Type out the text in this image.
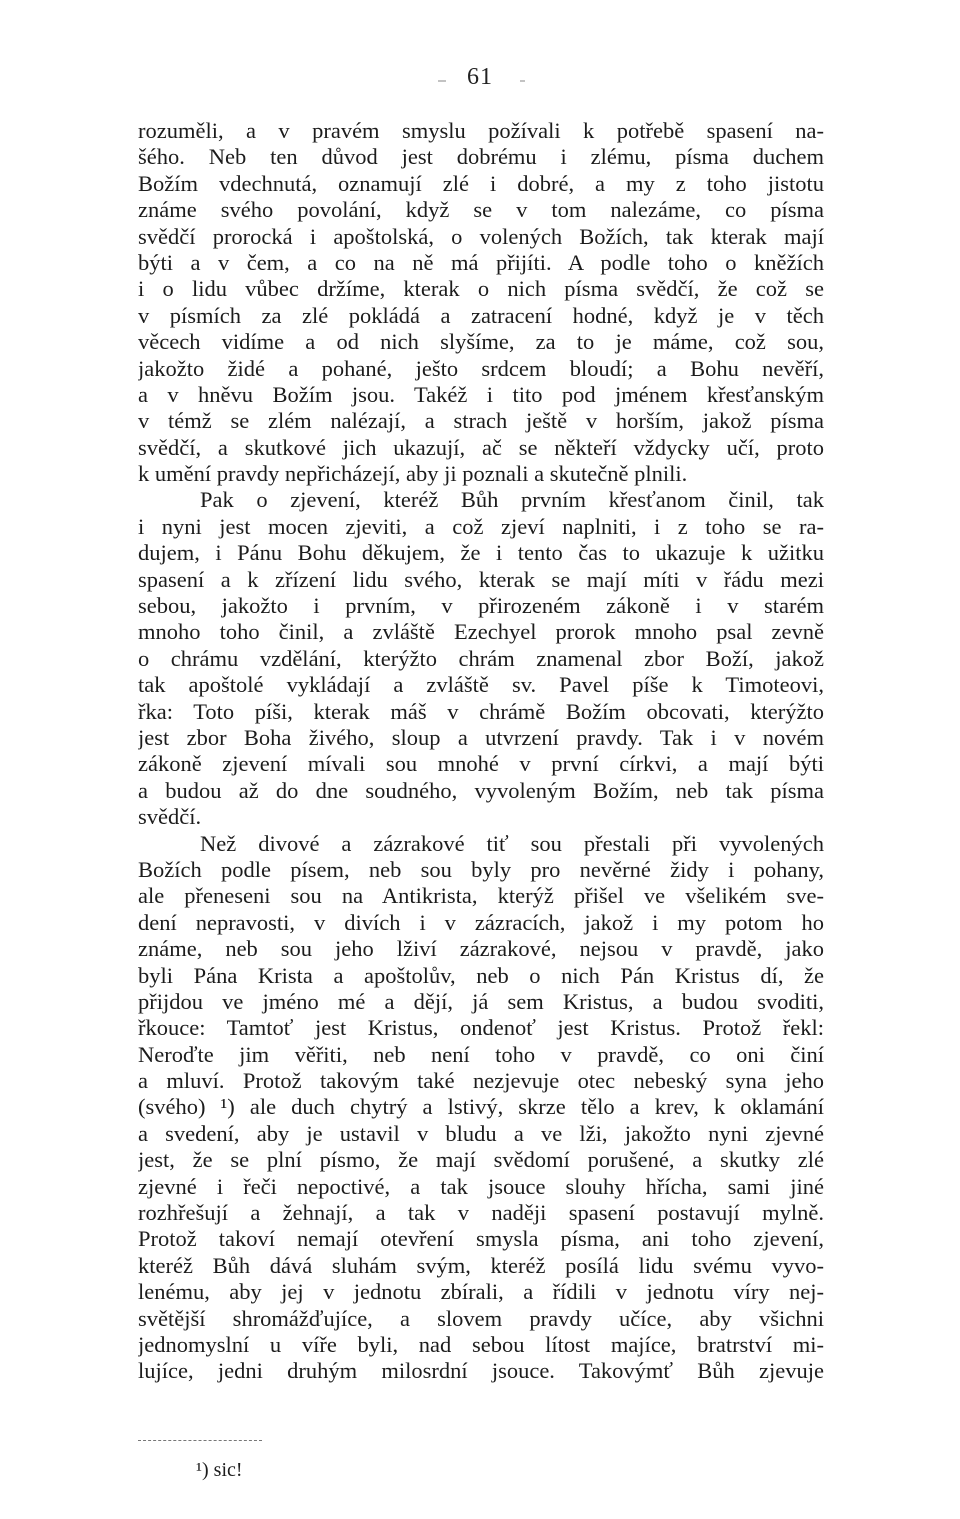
61
rozuměli, a v pravém smyslu požívali k potřebě spasení na-
šého. Neb ten důvod jest dobrému i zlému, písma duchem
Božím vdechnutá, oznamují zlé i dobré, a my z toho jistotu
známe svého povolání, když se v tom nalezáme, co písma
svědčí prorocká i apoštolská, o volených Božích, tak kterak mají
býti a v čem, a co na ně má přijíti. A podle toho o kněžích
i o lidu vůbec držíme, kterak o nich písma svědčí, že což se
v písmích za zlé pokládá a zatracení hodné, když je v těch
věcech vidíme a od nich slyšíme, za to je máme, což sou,
jakožto židé a pohané, ješto srdcem bloudí; a Bohu nevěří,
a v hněvu Božím jsou. Takéž i tito pod jménem křesťanským
v témž se zlém nalézají, a strach ještě v horším, jakož písma
svědčí, a skutkové jich ukazují, ač se někteří vždycky učí, proto
k umění pravdy nepřicházejí, aby ji poznali a skutečně plnili.
Pak o zjevení, kteréž Bůh prvním křesťanom činil, tak
i nyni jest mocen zjeviti, a což zjeví naplniti, i z toho se ra-
dujem, i Pánu Bohu děkujem, že i tento čas to ukazuje k užitku
spasení a k zřízení lidu svého, kterak se mají míti v řádu mezi
sebou, jakožto i prvním, v přirozeném zákoně i v starém
mnoho toho činil, a zvláště Ezechyel prorok mnoho psal zevně
o chrámu vzdělání, kterýžto chrám znamenal zbor Boží, jakož
tak apoštolé vykládají a zvláště sv. Pavel píše k Timoteovi,
řka: Toto píši, kterak máš v chrámě Božím obcovati, kterýžto
jest zbor Boha živého, sloup a utvrzení pravdy. Tak i v novém
zákoně zjevení mívali sou mnohé v první církvi, a mají býti
a budou až do dne soudného, vyvoleným Božím, neb tak písma
svědčí.
Než divové a zázrakové tiť sou přestali při vyvolených
Božích podle písem, neb sou byly pro nevěrné židy i pohany,
ale přeneseni sou na Antikrista, kterýž přišel ve všelikém sve-
dení nepravosti, v divích i v zázracích, jakož i my potom ho
známe, neb sou jeho lživí zázrakové, nejsou v pravdě, jako
byli Pána Krista a apoštolův, neb o nich Pán Kristus dí, že
přijdou ve jméno mé a dějí, já sem Kristus, a budou svoditi,
řkouce: Tamtoť jest Kristus, ondenoť jest Kristus. Protož řekl:
Neroďte jim věřiti, neb není toho v pravdě, co oni činí
a mluví. Protož takovým také nezjevuje otec nebeský syna jeho
(svého) ¹) ale duch chytrý a lstivý, skrze tělo a krev, k oklamání
a svedení, aby je ustavil v bludu a ve lži, jakožto nyni zjevné
jest, že se plní písmo, že mají svědomí porušené, a skutky zlé
zjevné i řeči nepoctivé, a tak jsouce slouhy hřícha, sami jiné
rozhřešují a žehnají, a tak v naději spasení postavují mylně.
Protož takoví nemají otevření smysla písma, ani toho zjevení,
kteréž Bůh dává sluhám svým, kteréž posílá lidu svému vyvo-
lenému, aby jej v jednotu zbírali, a řídili v jednotu víry nej-
světější shromážďujíce, a slovem pravdy učíce, aby všichni
jednomyslní u víře byli, nad sebou lítost majíce, bratrství mi-
lujíce, jedni druhým milosrdní jsouce. Takovýmť Bůh zjevuje
¹) sic!
